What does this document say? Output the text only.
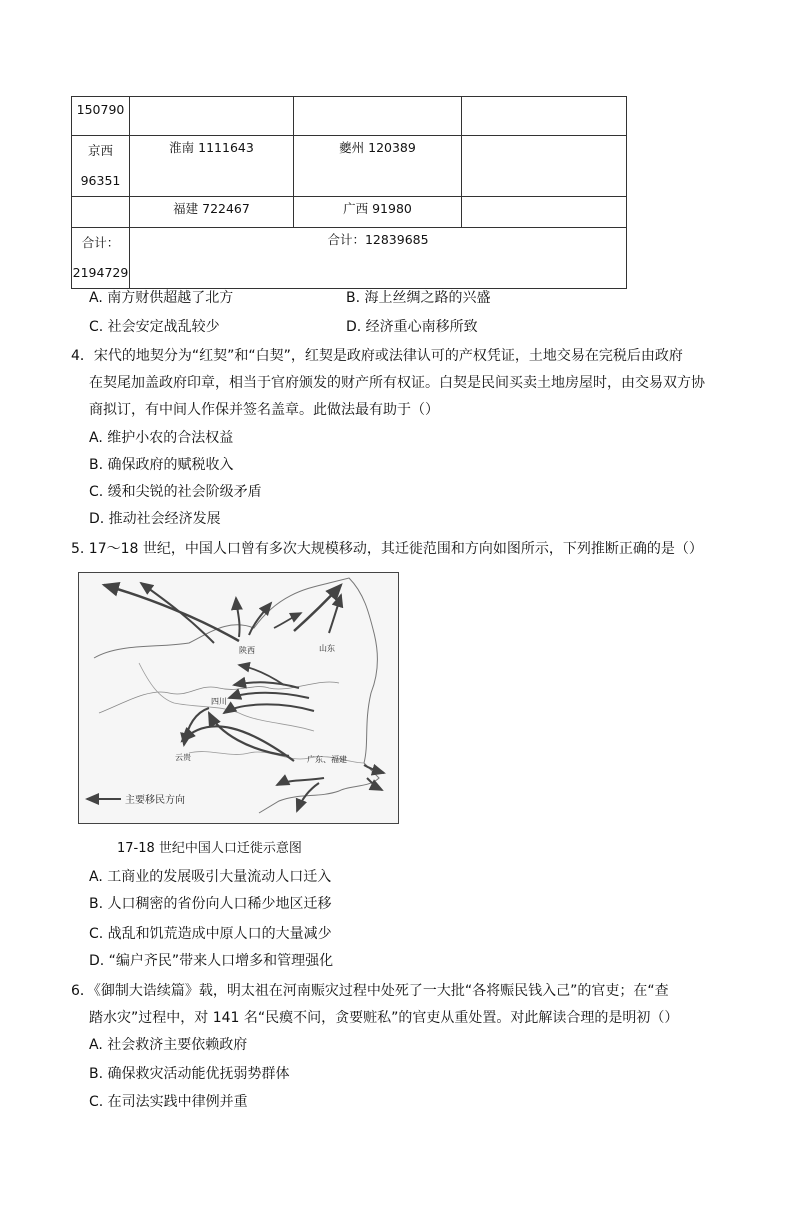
150790			

京西
96351	淮南 1111643	夔州 120389	

	福建 722467	广西 91980	

合计：
2194729	合计：12839685		
A. 南方财供超越了北方	B. 海上丝绸之路的兴盛
C. 社会安定战乱较少	D. 经济重心南移所致
4．宋代的地契分为“红契”和“白契”，红契是政府或法律认可的产权凭证，土地交易在完税后由政府
在契尾加盖政府印章，相当于官府颁发的财产所有权证。白契是民间买卖土地房屋时，由交易双方协
商拟订，有中间人作保并签名盖章。此做法最有助于（）
A. 维护小农的合法权益
B. 确保政府的赋税收入
C. 缓和尖锐的社会阶级矛盾
D. 推动社会经济发展
5. 17～18 世纪，中国人口曾有多次大规模移动，其迁徙范围和方向如图所示，下列推断正确的是（）
陕西	山东
四川
云贵	广东、福建
主要移民方向
17-18 世纪中国人口迁徙示意图
A. 工商业的发展吸引大量流动人口迁入
B. 人口稠密的省份向人口稀少地区迁移
C. 战乱和饥荒造成中原人口的大量减少
D. “编户齐民”带来人口增多和管理强化
6．《御制大诰续篇》载，明太祖在河南赈灾过程中处死了一大批“各将赈民钱入己”的官吏；在“查
踏水灾”过程中，对 141 名“民瘼不问，贪要赃私”的官吏从重处置。对此解读合理的是明初（）
A. 社会救济主要依赖政府
B. 确保救灾活动能优抚弱势群体
C. 在司法实践中律例并重
